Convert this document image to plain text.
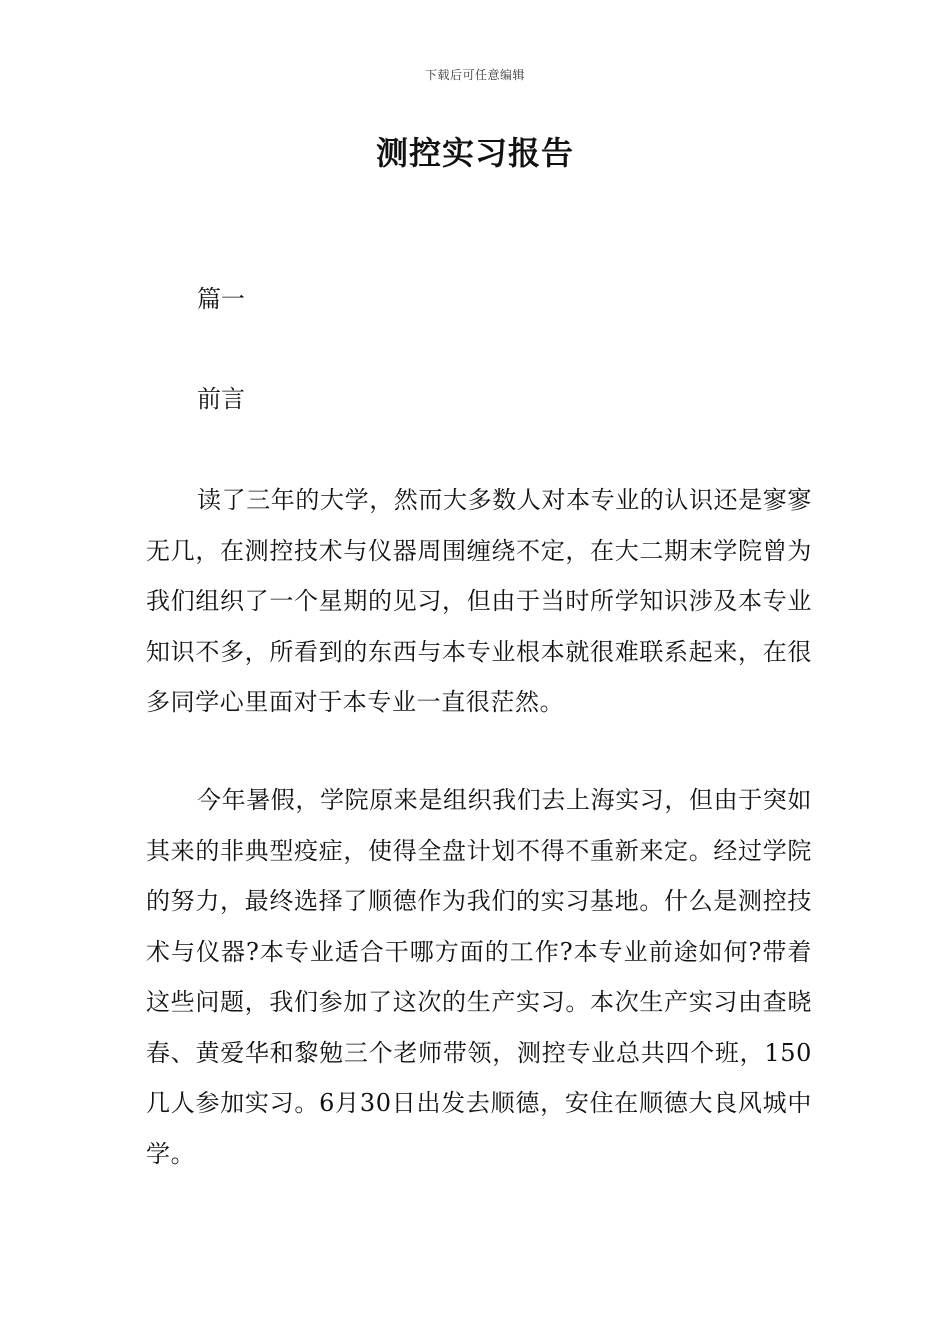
下载后可任意编辑
测控实习报告
篇一
前言

读了三年的大学，然而大多数人对本专业的认识还是寥寥无几，在测控技术与仪器周围缠绕不定，在大二期末学院曾为我们组织了一个星期的见习，但由于当时所学知识涉及本专业知识不多，所看到的东西与本专业根本就很难联系起来，在很多同学心里面对于本专业一直很茫然。

今年暑假，学院原来是组织我们去上海实习，但由于突如其来的非典型疫症，使得全盘计划不得不重新来定。经过学院的努力，最终选择了顺德作为我们的实习基地。什么是测控技术与仪器?本专业适合干哪方面的工作?本专业前途如何?带着这些问题，我们参加了这次的生产实习。本次生产实习由查晓春、黄爱华和黎勉三个老师带领，测控专业总共四个班，150几人参加实习。6月30日出发去顺德，安住在顺德大良风城中学。
